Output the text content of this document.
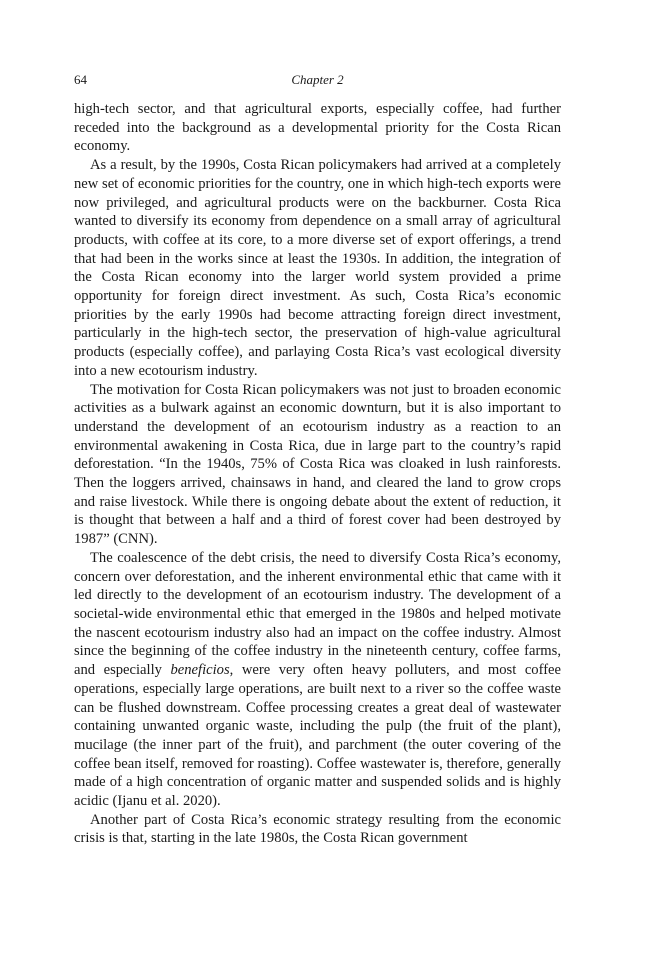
64	Chapter 2

high-tech sector, and that agricultural exports, especially coffee, had further receded into the background as a developmental priority for the Costa Rican economy.

As a result, by the 1990s, Costa Rican policymakers had arrived at a completely new set of economic priorities for the country, one in which high-tech exports were now privileged, and agricultural products were on the backburner. Costa Rica wanted to diversify its economy from dependence on a small array of agricultural products, with coffee at its core, to a more diverse set of export offerings, a trend that had been in the works since at least the 1930s. In addition, the integration of the Costa Rican economy into the larger world system provided a prime opportunity for foreign direct investment. As such, Costa Rica’s economic priorities by the early 1990s had become attracting foreign direct investment, particularly in the high-tech sector, the preservation of high-value agricultural products (especially coffee), and parlaying Costa Rica’s vast ecological diversity into a new ecotourism industry.

The motivation for Costa Rican policymakers was not just to broaden economic activities as a bulwark against an economic downturn, but it is also important to understand the development of an ecotourism industry as a reaction to an environmental awakening in Costa Rica, due in large part to the country’s rapid deforestation. “In the 1940s, 75% of Costa Rica was cloaked in lush rainforests. Then the loggers arrived, chainsaws in hand, and cleared the land to grow crops and raise livestock. While there is ongoing debate about the extent of reduction, it is thought that between a half and a third of forest cover had been destroyed by 1987” (CNN).

The coalescence of the debt crisis, the need to diversify Costa Rica’s economy, concern over deforestation, and the inherent environmental ethic that came with it led directly to the development of an ecotourism industry. The development of a societal-wide environmental ethic that emerged in the 1980s and helped motivate the nascent ecotourism industry also had an impact on the coffee industry. Almost since the beginning of the coffee industry in the nineteenth century, coffee farms, and especially beneficios, were very often heavy polluters, and most coffee operations, especially large operations, are built next to a river so the coffee waste can be flushed downstream. Coffee processing creates a great deal of wastewater containing unwanted organic waste, including the pulp (the fruit of the plant), mucilage (the inner part of the fruit), and parchment (the outer covering of the coffee bean itself, removed for roasting). Coffee wastewater is, therefore, generally made of a high concentration of organic matter and suspended solids and is highly acidic (Ijanu et al. 2020).

Another part of Costa Rica’s economic strategy resulting from the economic crisis is that, starting in the late 1980s, the Costa Rican government
